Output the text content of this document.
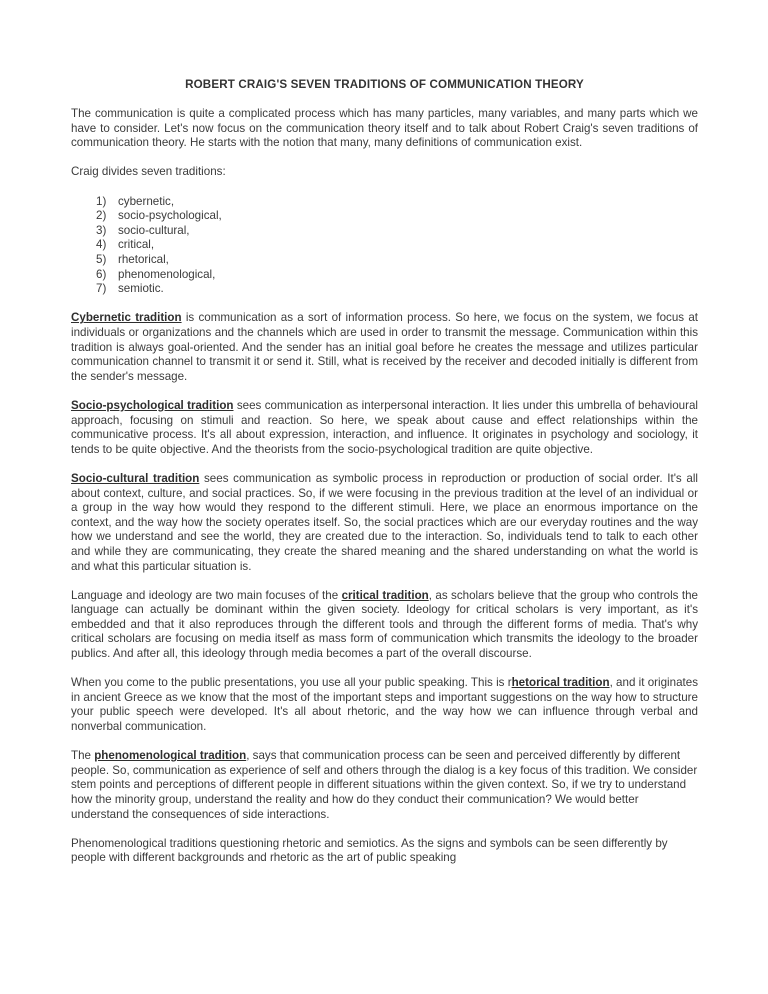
ROBERT CRAIG'S SEVEN TRADITIONS OF COMMUNICATION THEORY

The communication is quite a complicated process which has many particles, many variables, and many parts which we have to consider. Let's now focus on the communication theory itself and to talk about Robert Craig's seven traditions of communication theory. He starts with the notion that many, many definitions of communication exist.

Craig divides seven traditions:

1)	cybernetic,
2)	socio-psychological,
3)	socio-cultural,
4)	critical,
5)	rhetorical,
6)	phenomenological,
7)	semiotic.

Cybernetic tradition is communication as a sort of information process. So here, we focus on the system, we focus at individuals or organizations and the channels which are used in order to transmit the message. Communication within this tradition is always goal-oriented. And the sender has an initial goal before he creates the message and utilizes particular communication channel to transmit it or send it. Still, what is received by the receiver and decoded initially is different from the sender's message.

Socio-psychological tradition sees communication as interpersonal interaction. It lies under this umbrella of behavioural approach, focusing on stimuli and reaction. So here, we speak about cause and effect relationships within the communicative process. It's all about expression, interaction, and influence. It originates in psychology and sociology, it tends to be quite objective. And the theorists from the socio-psychological tradition are quite objective.

Socio-cultural tradition sees communication as symbolic process in reproduction or production of social order. It's all about context, culture, and social practices. So, if we were focusing in the previous tradition at the level of an individual or a group in the way how would they respond to the different stimuli. Here, we place an enormous importance on the context, and the way how the society operates itself. So, the social practices which are our everyday routines and the way how we understand and see the world, they are created due to the interaction. So, individuals tend to talk to each other and while they are communicating, they create the shared meaning and the shared understanding on what the world is and what this particular situation is.

Language and ideology are two main focuses of the critical tradition, as scholars believe that the group who controls the language can actually be dominant within the given society. Ideology for critical scholars is very important, as it's embedded and that it also reproduces through the different tools and through the different forms of media. That's why critical scholars are focusing on media itself as mass form of communication which transmits the ideology to the broader publics. And after all, this ideology through media becomes a part of the overall discourse.

When you come to the public presentations, you use all your public speaking. This is rhetorical tradition, and it originates in ancient Greece as we know that the most of the important steps and important suggestions on the way how to structure your public speech were developed. It's all about rhetoric, and the way how we can influence through verbal and nonverbal communication.

The phenomenological tradition, says that communication process can be seen and perceived differently by different people. So, communication as experience of self and others through the dialog is a key focus of this tradition. We consider stem points and perceptions of different people in different situations within the given context. So, if we try to understand how the minority group, understand the reality and how do they conduct their communication? We would better understand the consequences of side interactions.

Phenomenological traditions questioning rhetoric and semiotics. As the signs and symbols can be seen differently by people with different backgrounds and rhetoric as the art of public speaking
